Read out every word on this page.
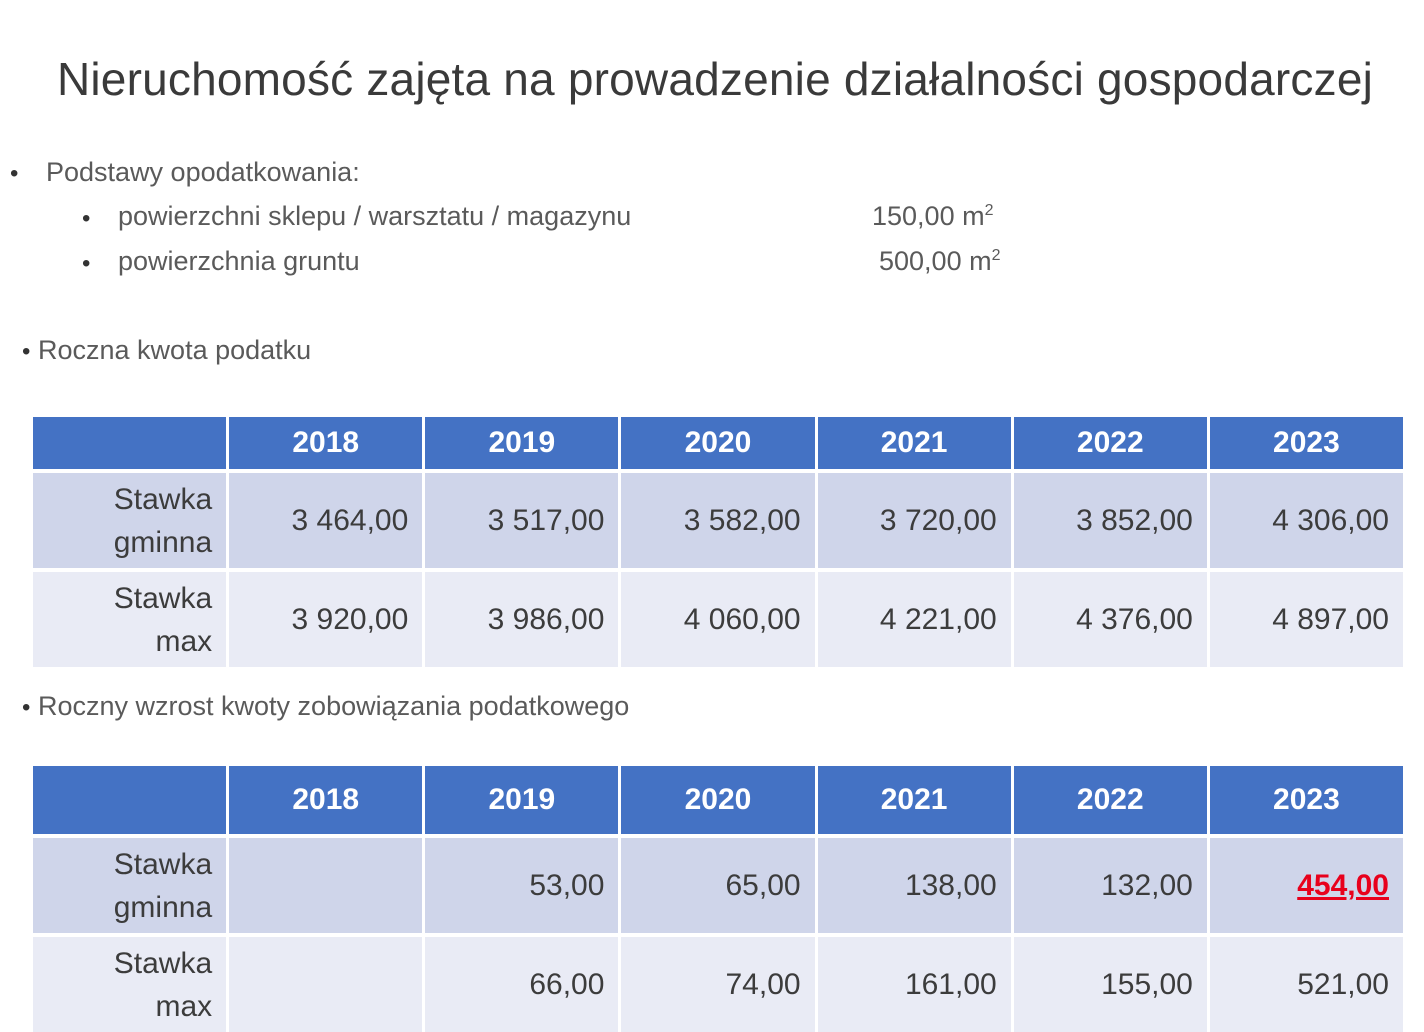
Nieruchomość zajęta na prowadzenie działalności gospodarczej
• Podstawy opodatkowania:
• powierzchni sklepu / warsztatu / magazynu	150,00 $m^2$
• powierzchnia gruntu	500,00 $m^2$
• Roczna kwota podatku
	2018	2019	2020	2021	2022	2023

Stawka
gminna	3 464,00	3 517,00	3 582,00	3 720,00	3 852,00	4 306,00

Stawka
max	3 920,00	3 986,00	4 060,00	4 221,00	4 376,00	4 897,00
• Roczny wzrost kwoty zobowiązania podatkowego
	2018	2019	2020	2021	2022	2023

Stawka
gminna		53,00	65,00	138,00	132,00	454,00

Stawka
max		66,00	74,00	161,00	155,00	521,00
